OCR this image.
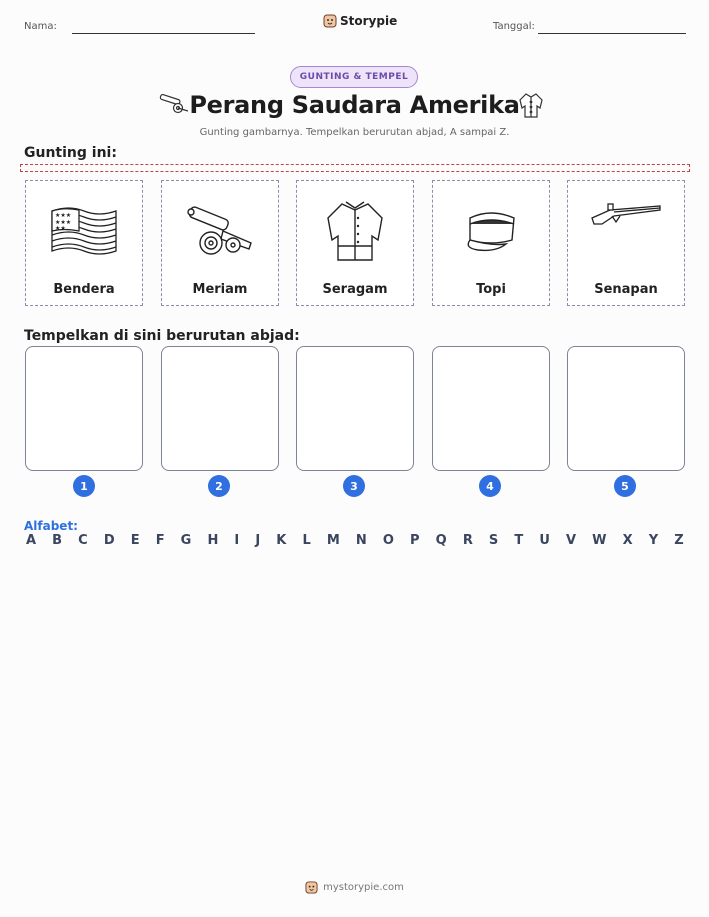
Nama:	Storypie	Tanggal:
GUNTING & TEMPEL
Perang Saudara Amerika
Gunting gambarnya. Tempelkan berurutan abjad, A sampai Z.
Gunting ini:
★★★
★★★
★★
Bendera	Meriam	Seragam	Topi	Senapan
Tempelkan di sini berurutan abjad:
1	2	3	4	5
Alfabet:
A B C D E F G H I J K L M N O P Q R S T U V W X Y Z
mystorypie.com
